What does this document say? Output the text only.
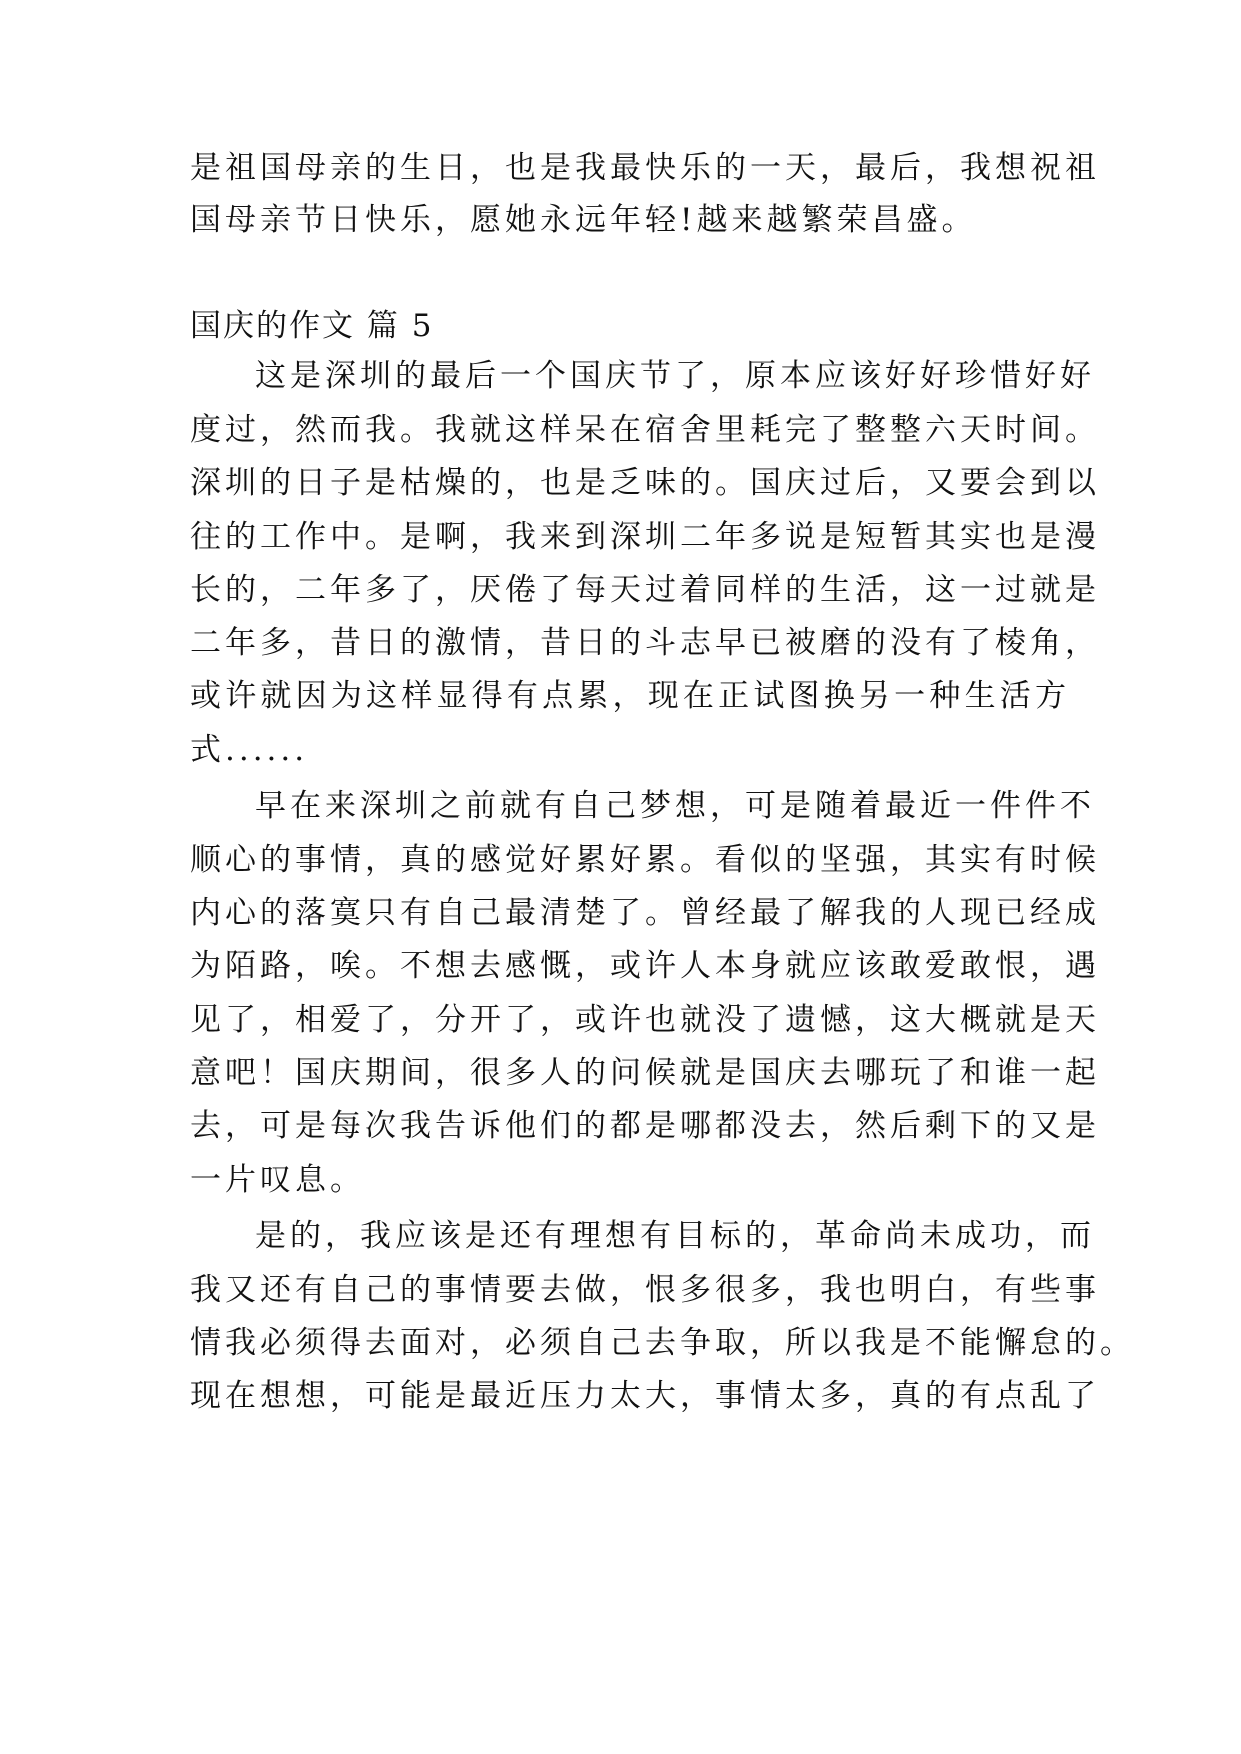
是祖国母亲的生日，也是我最快乐的一天，最后，我想祝祖
国母亲节日快乐，愿她永远年轻!越来越繁荣昌盛。
国庆的作文 篇 5
这是深圳的最后一个国庆节了，原本应该好好珍惜好好
度过，然而我。我就这样呆在宿舍里耗完了整整六天时间。
深圳的日子是枯燥的，也是乏味的。国庆过后，又要会到以
往的工作中。是啊，我来到深圳二年多说是短暂其实也是漫
长的，二年多了，厌倦了每天过着同样的生活，这一过就是
二年多，昔日的激情，昔日的斗志早已被磨的没有了棱角，
或许就因为这样显得有点累，现在正试图换另一种生活方
式......
早在来深圳之前就有自己梦想，可是随着最近一件件不
顺心的事情，真的感觉好累好累。看似的坚强，其实有时候
内心的落寞只有自己最清楚了。曾经最了解我的人现已经成
为陌路，唉。不想去感慨，或许人本身就应该敢爱敢恨，遇
见了，相爱了，分开了，或许也就没了遗憾，这大概就是天
意吧！国庆期间，很多人的问候就是国庆去哪玩了和谁一起
去，可是每次我告诉他们的都是哪都没去，然后剩下的又是
一片叹息。
是的，我应该是还有理想有目标的，革命尚未成功，而
我又还有自己的事情要去做，恨多很多，我也明白，有些事
情我必须得去面对，必须自己去争取，所以我是不能懈怠的。
现在想想，可能是最近压力太大，事情太多，真的有点乱了
